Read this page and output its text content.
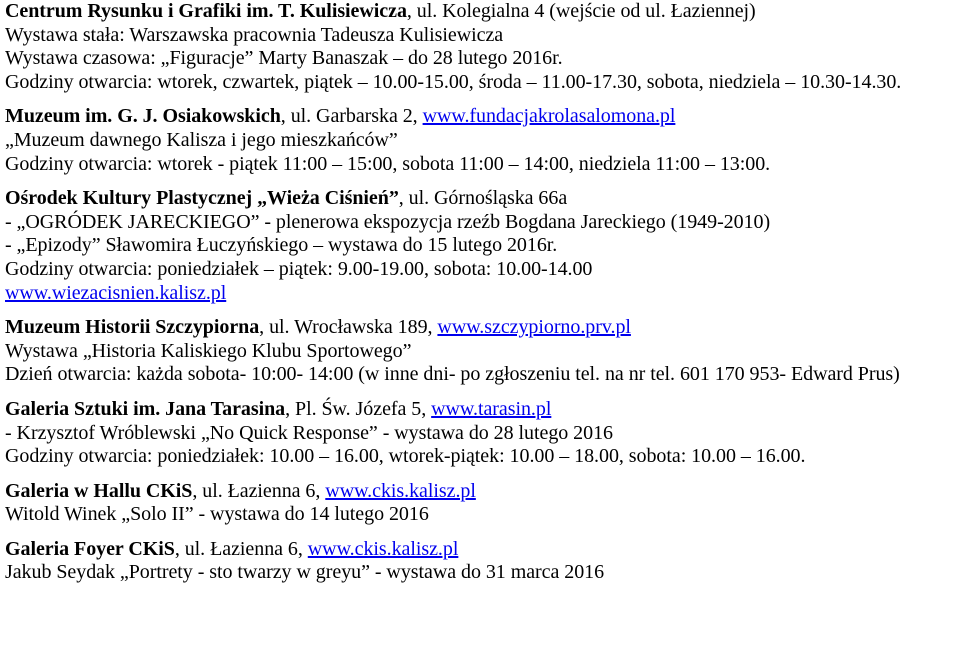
Centrum Rysunku i Grafiki im. T. Kulisiewicza, ul. Kolegialna 4 (wejście od ul. Łaziennej)
Wystawa stała: Warszawska pracownia Tadeusza Kulisiewicza
Wystawa czasowa: „Figuracje” Marty Banaszak – do 28 lutego 2016r.
Godziny otwarcia: wtorek, czwartek, piątek – 10.00-15.00, środa – 11.00-17.30, sobota, niedziela – 10.30-14.30.
Muzeum im. G. J. Osiakowskich, ul. Garbarska 2, www.fundacjakrolasalomona.pl
„Muzeum dawnego Kalisza i jego mieszkańców”
Godziny otwarcia: wtorek - piątek 11:00 – 15:00, sobota 11:00 – 14:00, niedziela 11:00 – 13:00.
Ośrodek Kultury Plastycznej „Wieża Ciśnień”, ul. Górnośląska 66a
- „OGRÓDEK JARECKIEGO” - plenerowa ekspozycja rzeźb Bogdana Jareckiego (1949-2010)
- „Epizody” Sławomira Łuczyńskiego – wystawa do 15 lutego 2016r.
Godziny otwarcia: poniedziałek – piątek: 9.00-19.00, sobota: 10.00-14.00
www.wiezacisnien.kalisz.pl
Muzeum Historii Szczypiorna, ul. Wrocławska 189, www.szczypiorno.prv.pl
Wystawa „Historia Kaliskiego Klubu Sportowego”
Dzień otwarcia: każda sobota- 10:00- 14:00 (w inne dni- po zgłoszeniu tel. na nr tel. 601 170 953- Edward Prus)
Galeria Sztuki im. Jana Tarasina, Pl. Św. Józefa 5, www.tarasin.pl
- Krzysztof Wróblewski „No Quick Response” - wystawa do 28 lutego 2016
Godziny otwarcia: poniedziałek: 10.00 – 16.00, wtorek-piątek: 10.00 – 18.00, sobota: 10.00 – 16.00.
Galeria w Hallu CKiS, ul. Łazienna 6, www.ckis.kalisz.pl
Witold Winek „Solo II” - wystawa do 14 lutego 2016
Galeria Foyer CKiS, ul. Łazienna 6, www.ckis.kalisz.pl
Jakub Seydak „Portrety - sto twarzy w greyu” - wystawa do 31 marca 2016
